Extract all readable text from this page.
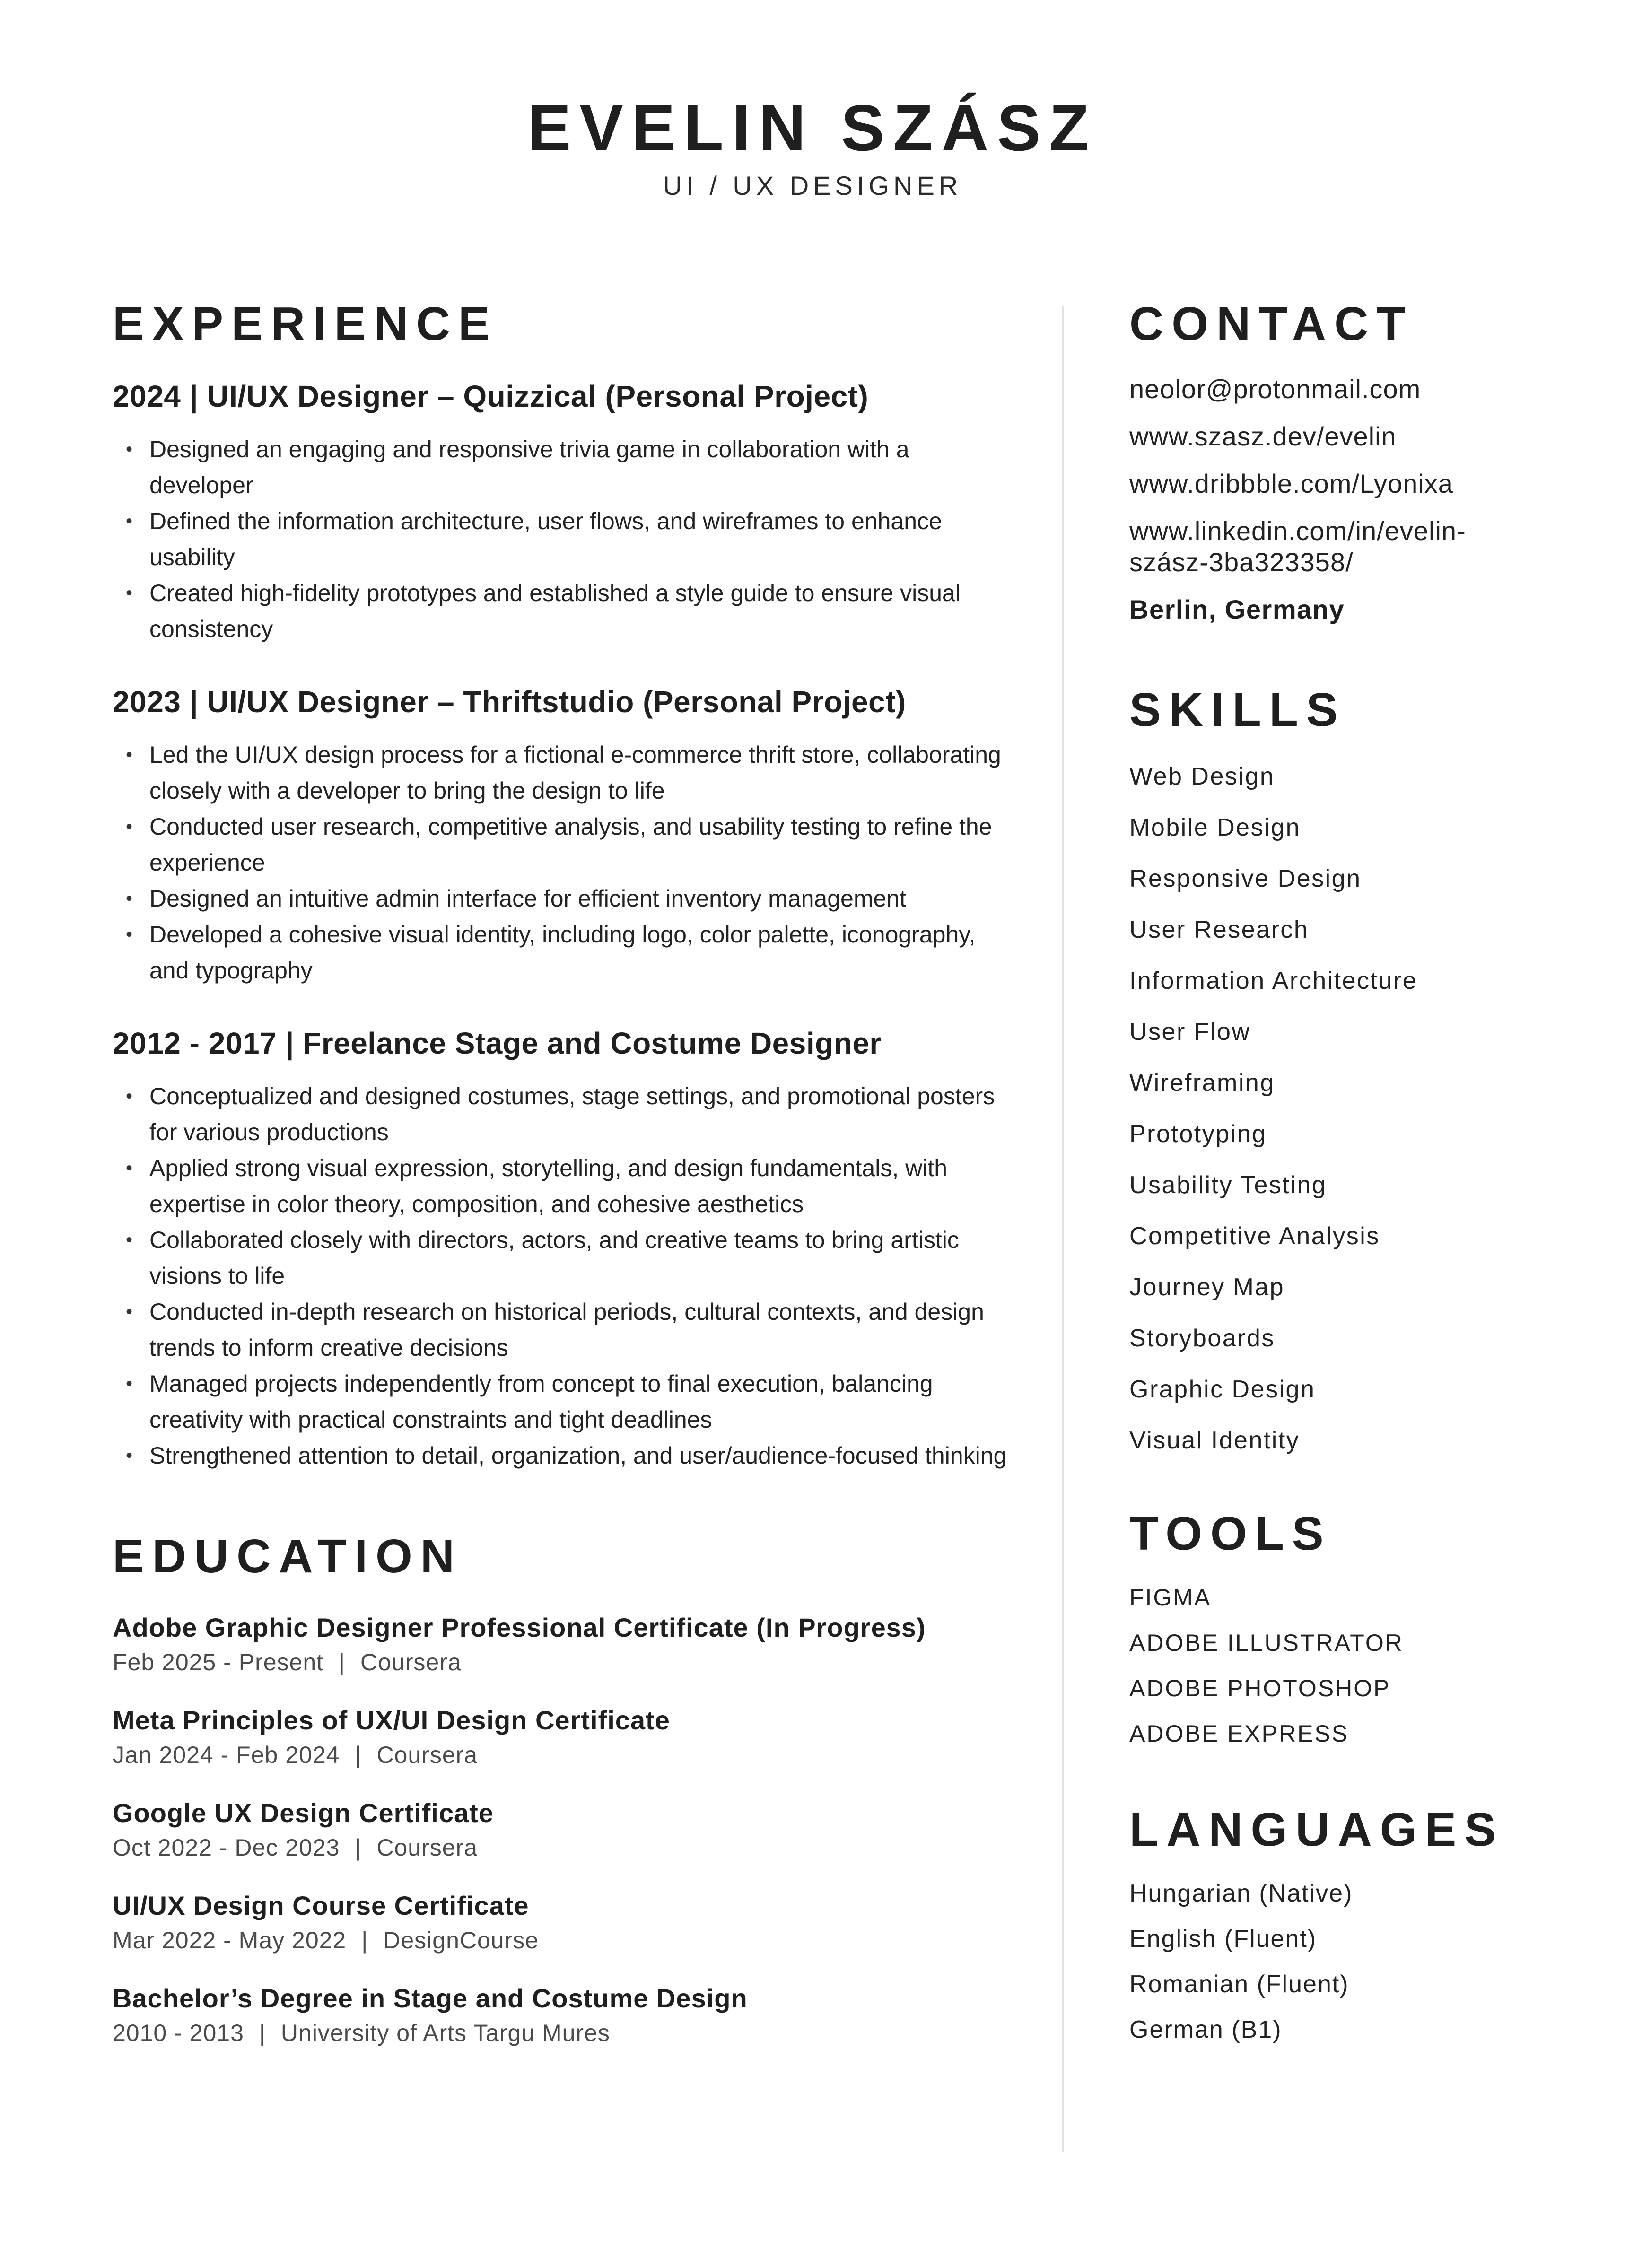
EVELIN SZÁSZ
UI / UX DESIGNER
EXPERIENCE
2024 | UI/UX Designer – Quizzical (Personal Project)
• Designed an engaging and responsive trivia game in collaboration with a developer
• Defined the information architecture, user flows, and wireframes to enhance usability
• Created high-fidelity prototypes and established a style guide to ensure visual consistency
2023 | UI/UX Designer – Thriftstudio (Personal Project)
• Led the UI/UX design process for a fictional e-commerce thrift store, collaborating closely with a developer to bring the design to life
• Conducted user research, competitive analysis, and usability testing to refine the experience
• Designed an intuitive admin interface for efficient inventory management
• Developed a cohesive visual identity, including logo, color palette, iconography, and typography
2012 - 2017 | Freelance Stage and Costume Designer
• Conceptualized and designed costumes, stage settings, and promotional posters for various productions
• Applied strong visual expression, storytelling, and design fundamentals, with expertise in color theory, composition, and cohesive aesthetics
• Collaborated closely with directors, actors, and creative teams to bring artistic visions to life
• Conducted in-depth research on historical periods, cultural contexts, and design trends to inform creative decisions
• Managed projects independently from concept to final execution, balancing creativity with practical constraints and tight deadlines
• Strengthened attention to detail, organization, and user/audience-focused thinking
EDUCATION
Adobe Graphic Designer Professional Certificate (In Progress)
Feb 2025 - Present | Coursera
Meta Principles of UX/UI Design Certificate
Jan 2024 - Feb 2024 | Coursera
Google UX Design Certificate
Oct 2022 - Dec 2023 | Coursera
UI/UX Design Course Certificate
Mar 2022 - May 2022 | DesignCourse
Bachelor’s Degree in Stage and Costume Design
2010 - 2013 | University of Arts Targu Mures
CONTACT
neolor@protonmail.com
www.szasz.dev/evelin
www.dribbble.com/Lyonixa
www.linkedin.com/in/evelin-
szász-3ba323358/
Berlin, Germany
SKILLS
Web Design
Mobile Design
Responsive Design
User Research
Information Architecture
User Flow
Wireframing
Prototyping
Usability Testing
Competitive Analysis
Journey Map
Storyboards
Graphic Design
Visual Identity
TOOLS
FIGMA
ADOBE ILLUSTRATOR
ADOBE PHOTOSHOP
ADOBE EXPRESS
LANGUAGES
Hungarian (Native)
English (Fluent)
Romanian (Fluent)
German (B1)
